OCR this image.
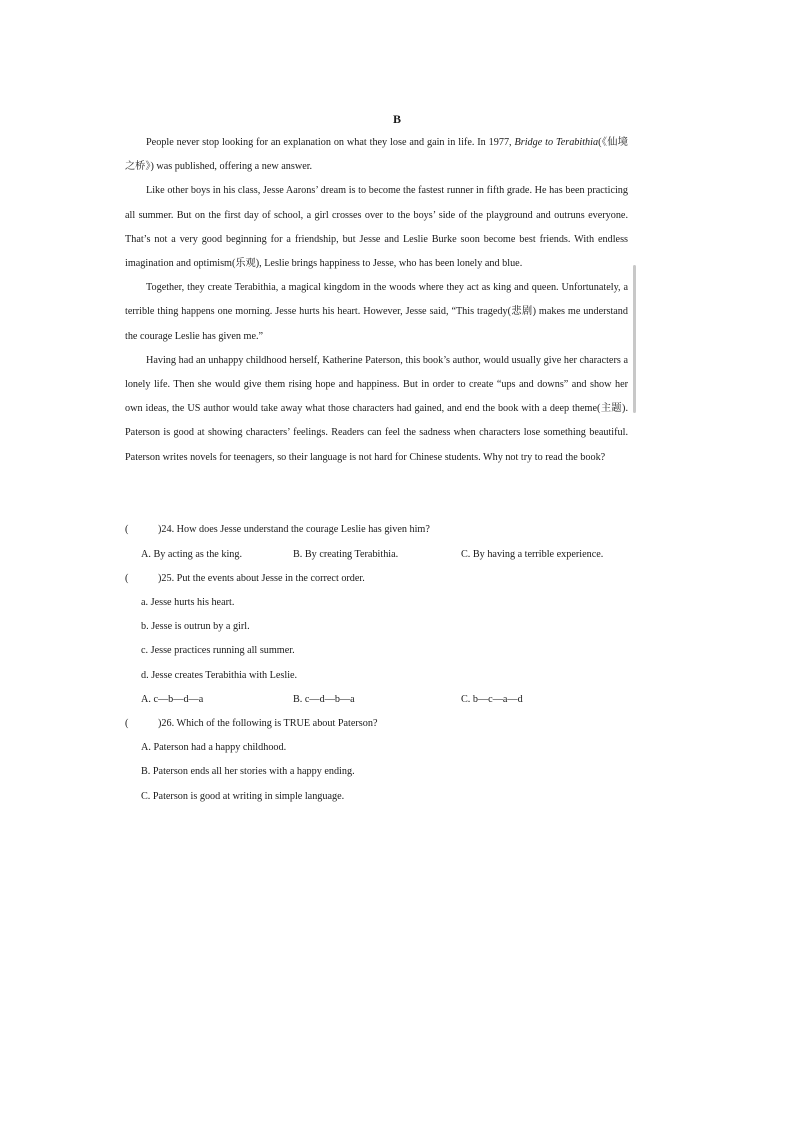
B
People never stop looking for an explanation on what they lose and gain in life. In 1977, Bridge to Terabithia(《仙境之桥》) was published, offering a new answer.
Like other boys in his class, Jesse Aarons’ dream is to become the fastest runner in fifth grade. He has been practicing all summer. But on the first day of school, a girl crosses over to the boys’ side of the playground and outruns everyone. That’s not a very good beginning for a friendship, but Jesse and Leslie Burke soon become best friends. With endless imagination and optimism(乐观), Leslie brings happiness to Jesse, who has been lonely and blue.
Together, they create Terabithia, a magical kingdom in the woods where they act as king and queen. Unfortunately, a terrible thing happens one morning. Jesse hurts his heart. However, Jesse said, “This tragedy(悲剧) makes me understand the courage Leslie has given me.”
Having had an unhappy childhood herself, Katherine Paterson, this book’s author, would usually give her characters a lonely life. Then she would give them rising hope and happiness. But in order to create “ups and downs” and show her own ideas, the US author would take away what those characters had gained, and end the book with a deep theme(主题). Paterson is good at showing characters’ feelings. Readers can feel the sadness when characters lose something beautiful. Paterson writes novels for teenagers, so their language is not hard for Chinese students. Why not try to read the book?
(	)24. How does Jesse understand the courage Leslie has given him?
A. By acting as the king.	B. By creating Terabithia.	C. By having a terrible experience.
(	)25. Put the events about Jesse in the correct order.
a. Jesse hurts his heart.
b. Jesse is outrun by a girl.
c. Jesse practices running all summer.
d. Jesse creates Terabithia with Leslie.
A. c—b—d—a	B. c—d—b—a	C. b—c—a—d
(	)26. Which of the following is TRUE about Paterson?
A. Paterson had a happy childhood.
B. Paterson ends all her stories with a happy ending.
C. Paterson is good at writing in simple language.
